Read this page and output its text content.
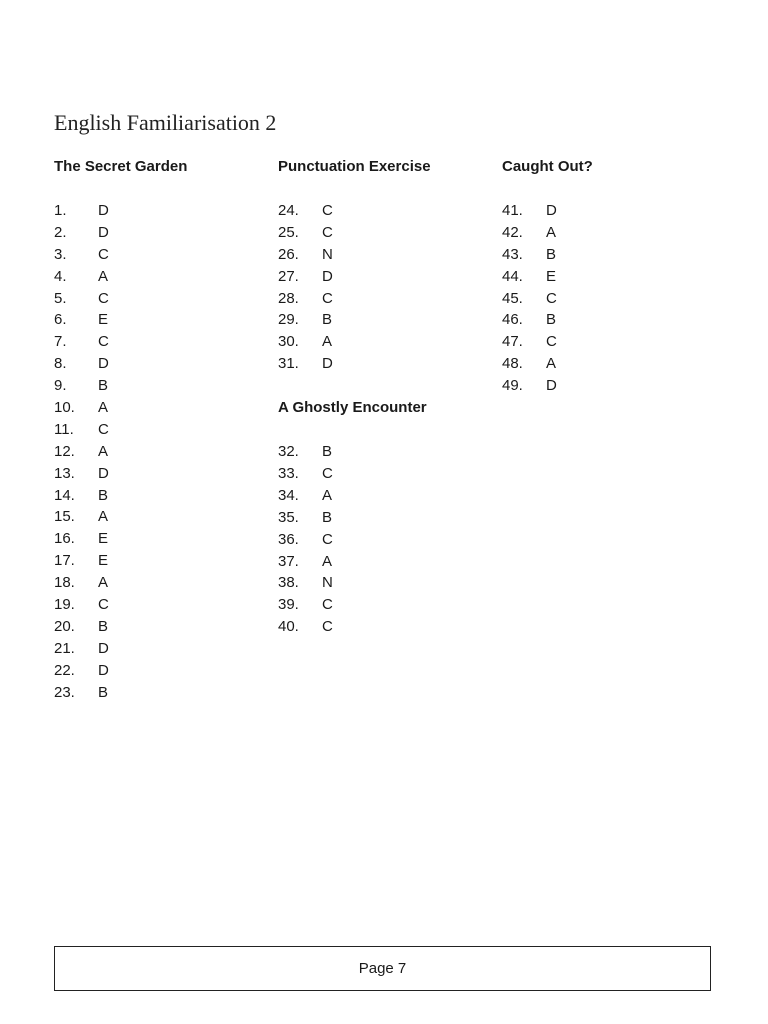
English Familiarisation 2
The Secret Garden
1.	D
2.	D
3.	C
4.	A
5.	C
6.	E
7.	C
8.	D
9.	B
10.	A
11.	C
12.	A
13.	D
14.	B
15.	A
16.	E
17.	E
18.	A
19.	C
20.	B
21.	D
22.	D
23.	B
Punctuation Exercise
24.	C
25.	C
26.	N
27.	D
28.	C
29.	B
30.	A
31.	D
A Ghostly Encounter
32.	B
33.	C
34.	A
35.	B
36.	C
37.	A
38.	N
39.	C
40.	C
Caught Out?
41.	D
42.	A
43.	B
44.	E
45.	C
46.	B
47.	C
48.	A
49.	D
Page 7
